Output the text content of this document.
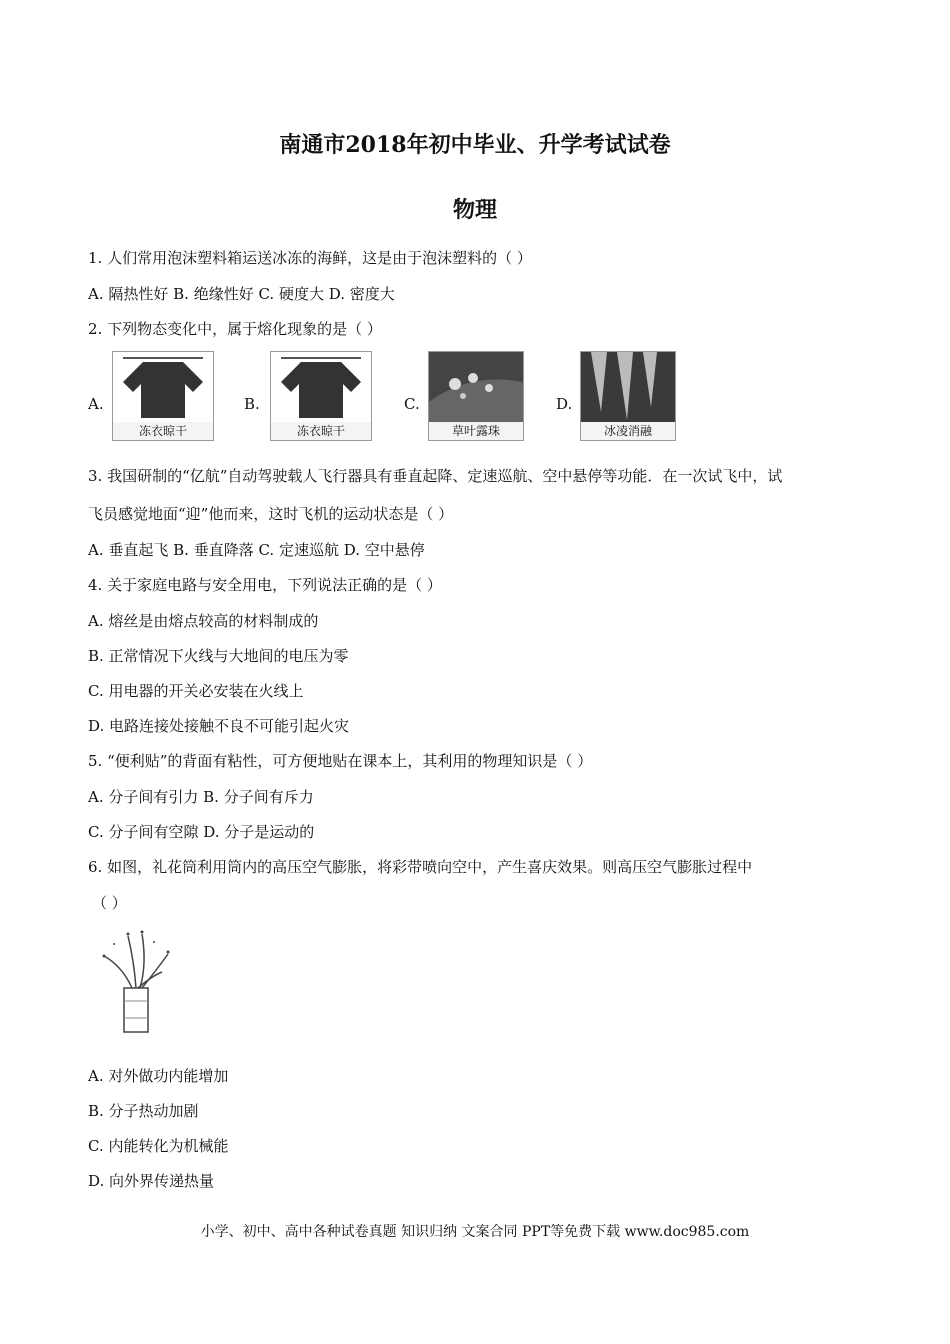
南通市2018年初中毕业、升学考试试卷
物理
1. 人们常用泡沫塑料箱运送冰冻的海鲜，这是由于泡沫塑料的（ ）
A. 隔热性好 B. 绝缘性好 C. 硬度大 D. 密度大
2. 下列物态变化中，属于熔化现象的是（ ）
A.
冻衣晾干
B.
冻衣晾干
C.
草叶露珠
D.
冰凌消融
3. 我国研制的“亿航”自动驾驶载人飞行器具有垂直起降、定速巡航、空中悬停等功能．在一次试飞中，试
飞员感觉地面“迎”他而来，这时飞机的运动状态是（ ）
A. 垂直起飞 B. 垂直降落 C. 定速巡航 D. 空中悬停
4. 关于家庭电路与安全用电，下列说法正确的是（ ）
A. 熔丝是由熔点较高的材料制成的
B. 正常情况下火线与大地间的电压为零
C. 用电器的开关必安装在火线上
D. 电路连接处接触不良不可能引起火灾
5. “便利贴”的背面有粘性，可方便地贴在课本上，其利用的物理知识是（ ）
A. 分子间有引力 B. 分子间有斥力
C. 分子间有空隙 D. 分子是运动的
6. 如图，礼花筒利用筒内的高压空气膨胀，将彩带喷向空中，产生喜庆效果。则高压空气膨胀过程中
（ ）
A. 对外做功内能增加
B. 分子热动加剧
C. 内能转化为机械能
D. 向外界传递热量
小学、初中、高中各种试卷真题 知识归纳 文案合同 PPT等免费下载 www.doc985.com
